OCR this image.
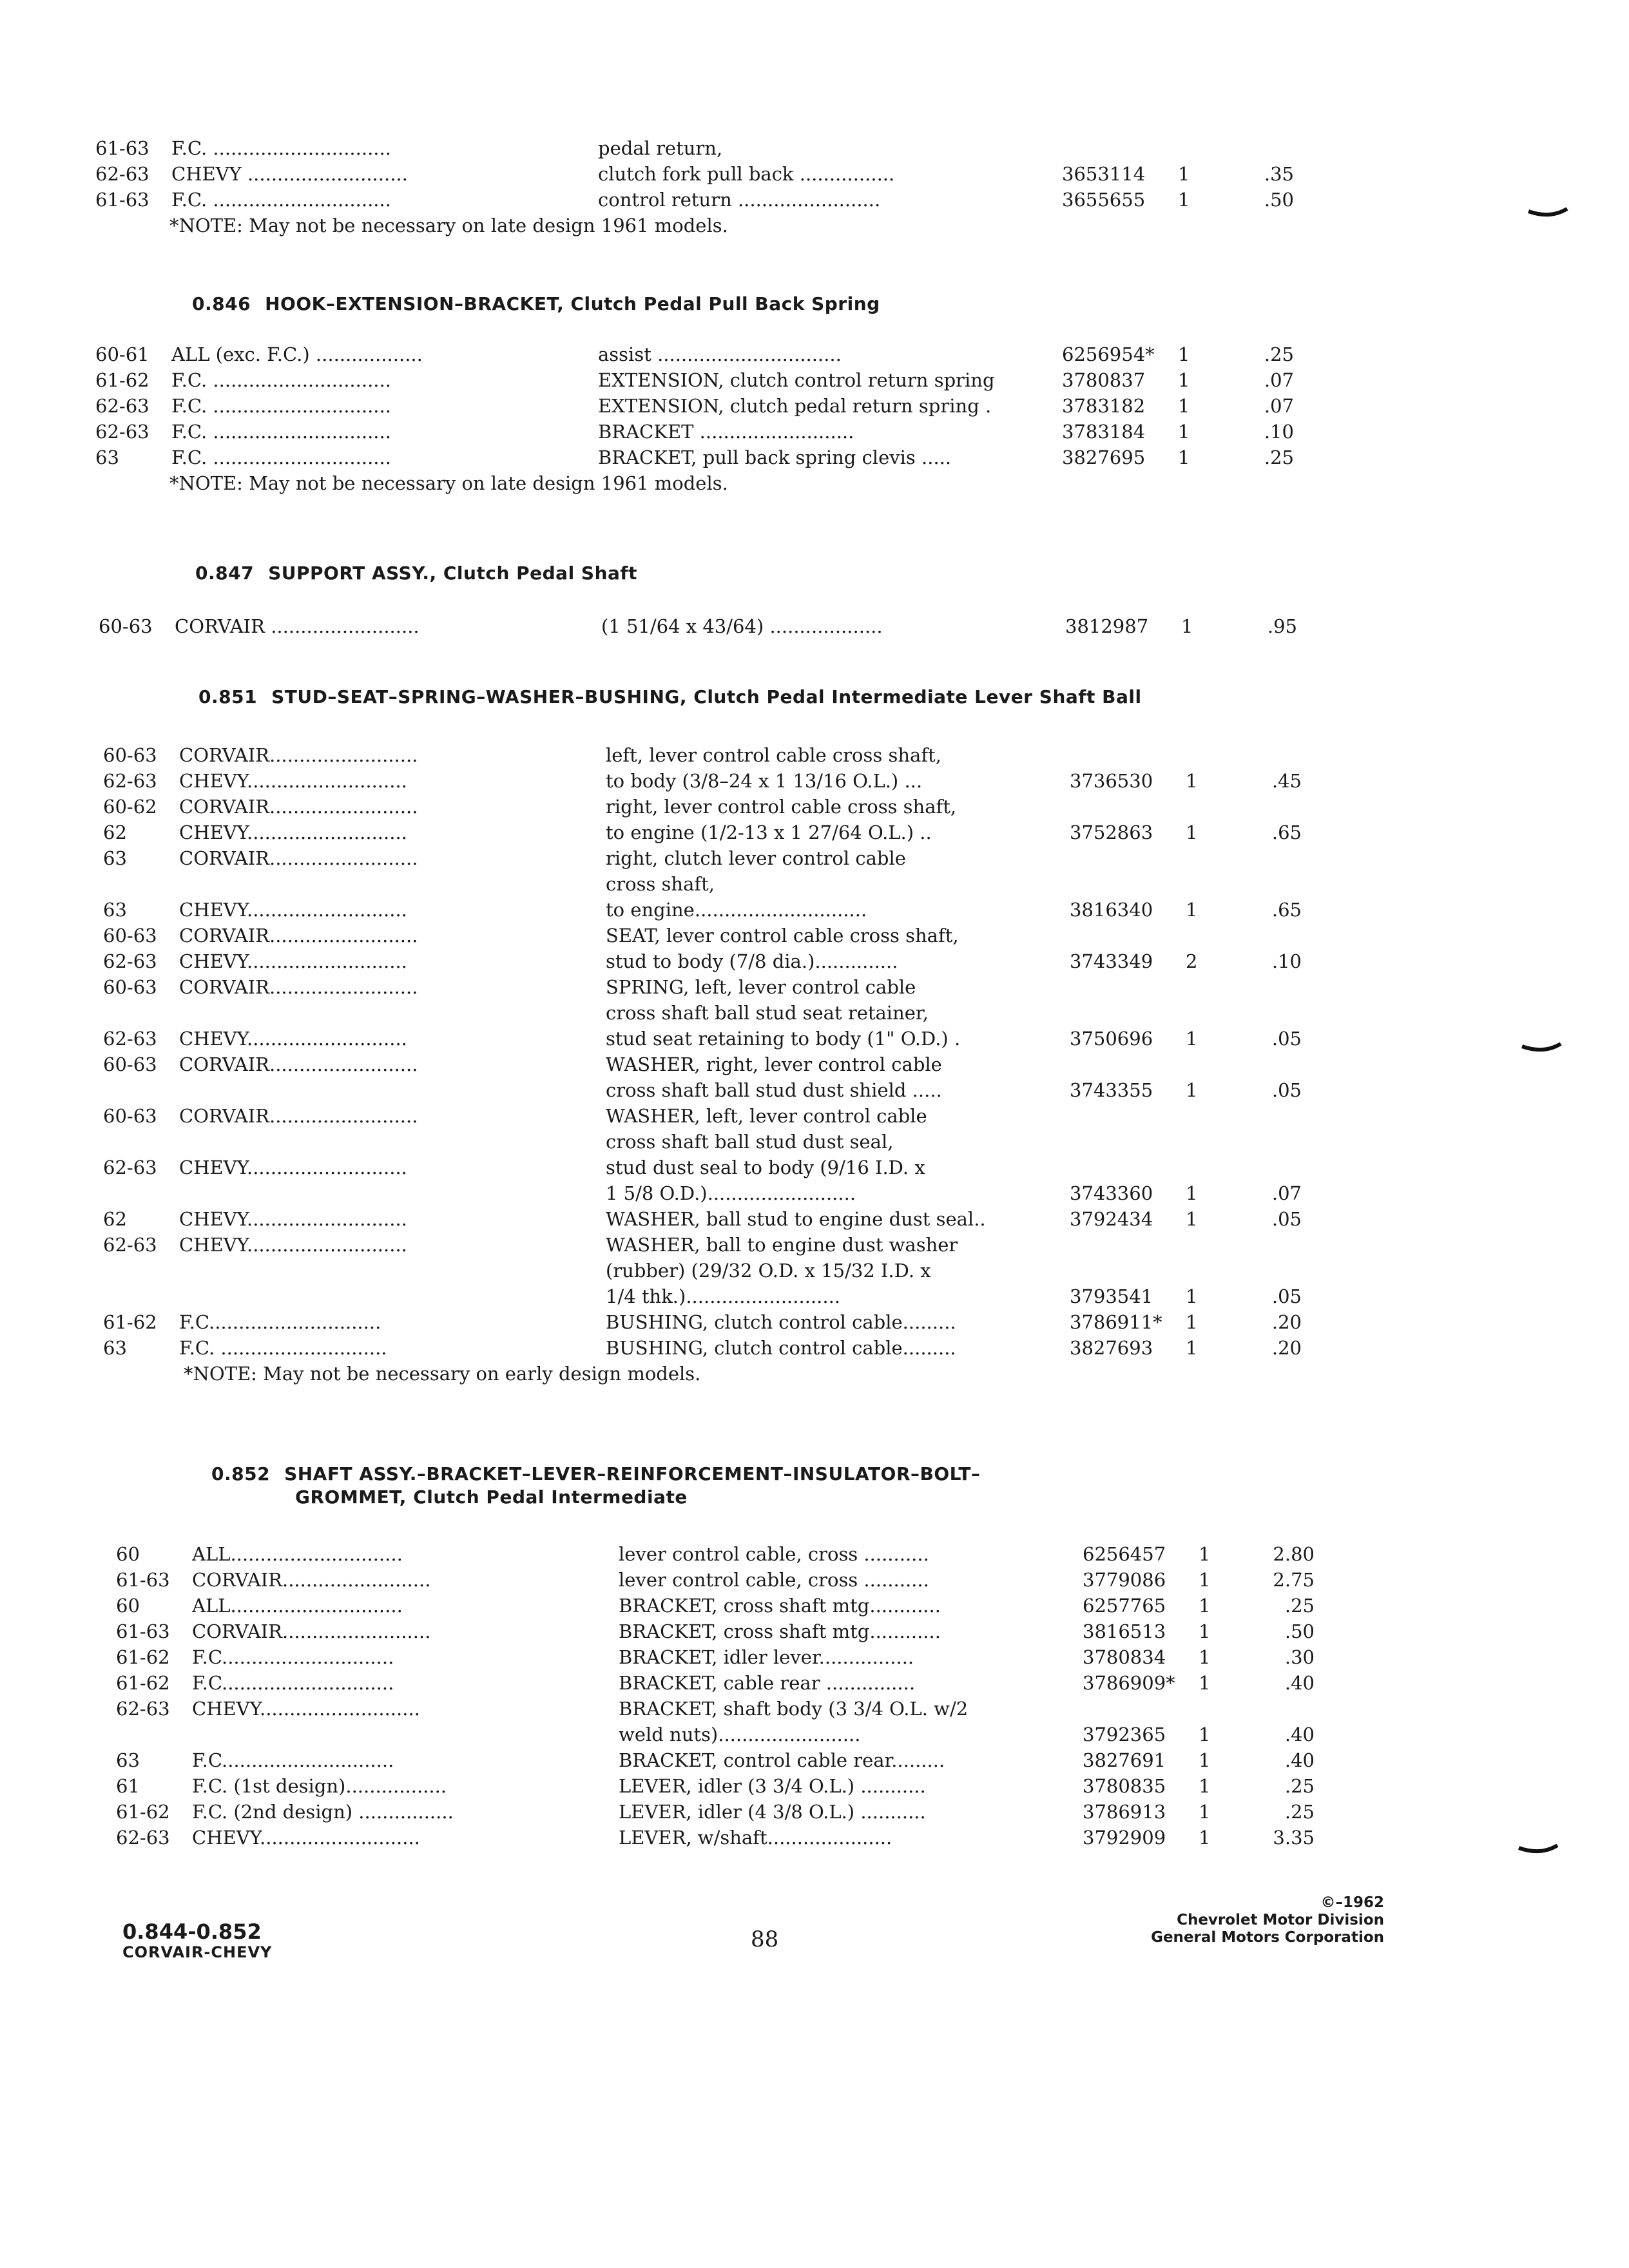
61-63 F.C. ..............................	pedal return,
62-63 CHEVY ...........................	clutch fork pull back ................	3653114 1	.35
61-63 F.C. ..............................	control return ........................	3655655 1	.50
*NOTE: May not be necessary on late design 1961 models.
0.846 HOOK–EXTENSION–BRACKET, Clutch Pedal Pull Back Spring
60-61 ALL (exc. F.C.) ..................	assist ...............................	6256954* 1	.25
61-62 F.C. ..............................	EXTENSION, clutch control return spring	3780837 1	.07
62-63 F.C. ..............................	EXTENSION, clutch pedal return spring .	3783182 1	.07
62-63 F.C. ..............................	BRACKET ..........................	3783184 1	.10
63	F.C. ..............................	BRACKET, pull back spring clevis .....	3827695 1	.25
*NOTE: May not be necessary on late design 1961 models.
0.847 SUPPORT ASSY., Clutch Pedal Shaft
60-63 CORVAIR .........................	(1 51/64 x 43/64) ...................	3812987 1	.95
0.851 STUD–SEAT–SPRING–WASHER–BUSHING, Clutch Pedal Intermediate Lever Shaft Ball
60-63 CORVAIR.........................	left, lever control cable cross shaft,
62-63 CHEVY...........................	to body (3/8–24 x 1 13/16 O.L.) ...	3736530 1	.45
60-62 CORVAIR.........................	right, lever control cable cross shaft,
62	CHEVY...........................	to engine (1/2-13 x 1 27/64 O.L.) ..	3752863 1	.65
63	CORVAIR.........................	right, clutch lever control cable
cross shaft,
63	CHEVY...........................	to engine.............................	3816340 1	.65
60-63 CORVAIR.........................	SEAT, lever control cable cross shaft,
62-63 CHEVY...........................	stud to body (7/8 dia.)..............	3743349 2	.10
60-63 CORVAIR.........................	SPRING, left, lever control cable
cross shaft ball stud seat retainer,
62-63 CHEVY...........................	stud seat retaining to body (1" O.D.) .	3750696 1	.05
60-63 CORVAIR.........................	WASHER, right, lever control cable
cross shaft ball stud dust shield .....	3743355 1	.05
60-63 CORVAIR.........................	WASHER, left, lever control cable
cross shaft ball stud dust seal,
62-63 CHEVY...........................	stud dust seal to body (9/16 I.D. x
1 5/8 O.D.).........................	3743360 1	.07
62	CHEVY...........................	WASHER, ball stud to engine dust seal..	3792434 1	.05
62-63 CHEVY...........................	WASHER, ball to engine dust washer
(rubber) (29/32 O.D. x 15/32 I.D. x
1/4 thk.)..........................	3793541 1	.05
61-62 F.C.............................	BUSHING, clutch control cable.........	3786911* 1	.20
63	F.C. ............................	BUSHING, clutch control cable.........	3827693 1	.20
*NOTE: May not be necessary on early design models.
0.852 SHAFT ASSY.–BRACKET–LEVER–REINFORCEMENT–INSULATOR–BOLT–
GROMMET, Clutch Pedal Intermediate
60	ALL.............................	lever control cable, cross ...........	6256457 1	2.80
61-63 CORVAIR.........................	lever control cable, cross ...........	3779086 1	2.75
60	ALL.............................	BRACKET, cross shaft mtg............	6257765 1	.25
61-63 CORVAIR.........................	BRACKET, cross shaft mtg............	3816513 1	.50
61-62 F.C.............................	BRACKET, idler lever................	3780834 1	.30
61-62 F.C.............................	BRACKET, cable rear ...............	3786909* 1	.40
62-63 CHEVY...........................	BRACKET, shaft body (3 3/4 O.L. w/2
weld nuts)........................	3792365 1	.40
63	F.C.............................	BRACKET, control cable rear.........	3827691 1	.40
61	F.C. (1st design).................	LEVER, idler (3 3/4 O.L.) ...........	3780835 1	.25
61-62 F.C. (2nd design) ................	LEVER, idler (4 3/8 O.L.) ...........	3786913 1	.25
62-63 CHEVY...........................	LEVER, w/shaft.....................	3792909 1	3.35
0.844-0.852
CORVAIR-CHEVY	88
©–1962
Chevrolet Motor Division
General Motors Corporation
